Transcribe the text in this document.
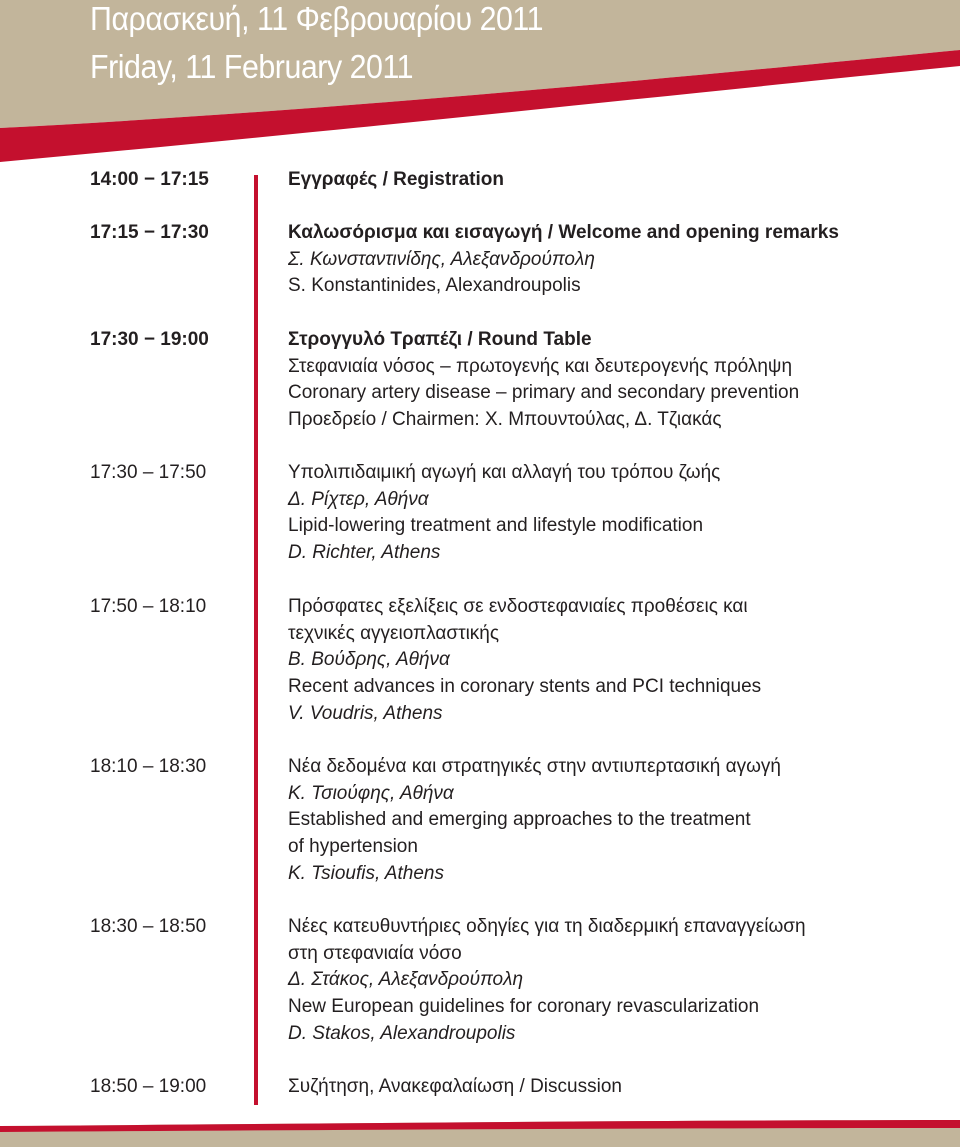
Παρασκευή, 11 Φεβρουαρίου 2011
Friday, 11 February 2011
14:00 − 17:15	Εγγραφές / Registration
17:15 − 17:30	Καλωσόρισμα και εισαγωγή / Welcome and opening remarks
Σ. Κωνσταντινίδης, Αλεξανδρούπολη
S. Konstantinides, Alexandroupolis
17:30 − 19:00	Στρογγυλό Τραπέζι / Round Table
Στεφανιαία νόσος – πρωτογενής και δευτερογενής πρόληψη
Coronary artery disease – primary and secondary prevention
Προεδρείο / Chairmen: Χ. Μπουντούλας, Δ. Τζιακάς
17:30 – 17:50	Υπολιπιδαιμική αγωγή και αλλαγή του τρόπου ζωής
Δ. Ρίχτερ, Αθήνα
Lipid-lowering treatment and lifestyle modification
D. Richter, Athens
17:50 – 18:10	Πρόσφατες εξελίξεις σε ενδοστεφανιαίες προθέσεις και
τεχνικές αγγειοπλαστικής
Β. Βούδρης, Αθήνα
Recent advances in coronary stents and PCI techniques
V. Voudris, Athens
18:10 – 18:30	Νέα δεδομένα και στρατηγικές στην αντιυπερτασική αγωγή
Κ. Τσιούφης, Αθήνα
Established and emerging approaches to the treatment
of hypertension
K. Tsioufis, Athens
18:30 – 18:50	Νέες κατευθυντήριες οδηγίες για τη διαδερμική επαναγγείωση
στη στεφανιαία νόσο
Δ. Στάκος, Αλεξανδρούπολη
New European guidelines for coronary revascularization
D. Stakos, Alexandroupolis
18:50 – 19:00	Συζήτηση, Ανακεφαλαίωση / Discussion
